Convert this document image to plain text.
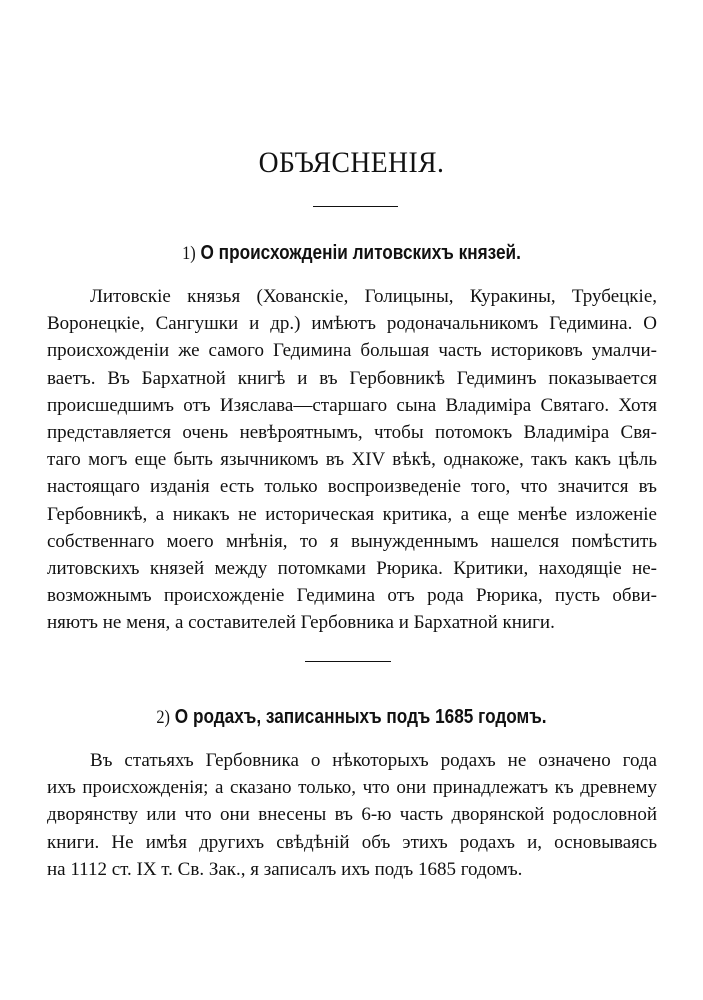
ОБЪЯСНЕНІЯ.
1) О происхожденіи литовскихъ князей.
Литовскіе князья (Хованскіе, Голицыны, Куракины, Трубецкіе,
Воронецкіе, Сангушки и др.) имѣютъ родоначальникомъ Гедимина. О
происхожденіи же самого Гедимина большая часть историковъ умалчи-
ваетъ. Въ Бархатной книгѣ и въ Гербовникѣ Гедиминъ показывается
происшедшимъ отъ Изяслава—старшаго сына Владиміра Святаго. Хотя
представляется очень невѣроятнымъ, чтобы потомокъ Владиміра Свя-
таго могъ еще быть язычникомъ въ XIV вѣкѣ, однакоже, такъ какъ цѣль
настоящаго изданія есть только воспроизведеніе того, что значится въ
Гербовникѣ, а никакъ не историческая критика, а еще менѣе изложеніе
собственнаго моего мнѣнія, то я вынужденнымъ нашелся помѣстить
литовскихъ князей между потомками Рюрика. Критики, находящіе не-
возможнымъ происхожденіе Гедимина отъ рода Рюрика, пусть обви-
няютъ не меня, а составителей Гербовника и Бархатной книги.
2) О родахъ, записанныхъ подъ 1685 годомъ.
Въ статьяхъ Гербовника о нѣкоторыхъ родахъ не означено года
ихъ происхожденія; а сказано только, что они принадлежатъ къ древнему
дворянству или что они внесены въ 6-ю часть дворянской родословной
книги. Не имѣя другихъ свѣдѣній объ этихъ родахъ и, основываясь
на 1112 ст. IX т. Св. Зак., я записалъ ихъ подъ 1685 годомъ.
